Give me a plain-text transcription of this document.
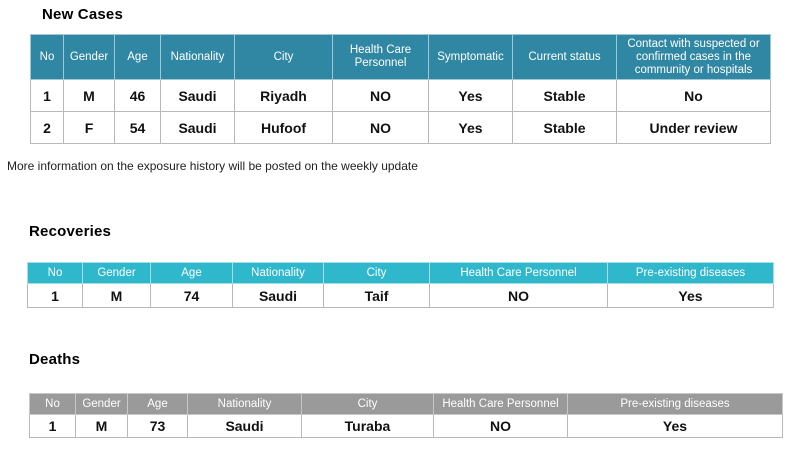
New Cases
No	Gender	Age	Nationality	City	Health Care Personnel	Symptomatic	Current status	Contact with suspected or confirmed cases in the community or hospitals
1	M	46	Saudi	Riyadh	NO	Yes	Stable	No
2	F	54	Saudi	Hufoof	NO	Yes	Stable	Under review
More information on the exposure history will be posted on the weekly update
Recoveries
No	Gender	Age	Nationality	City	Health Care Personnel	Pre-existing diseases
1	M	74	Saudi	Taif	NO	Yes
Deaths
No	Gender	Age	Nationality	City	Health Care Personnel	Pre-existing diseases
1	M	73	Saudi	Turaba	NO	Yes
